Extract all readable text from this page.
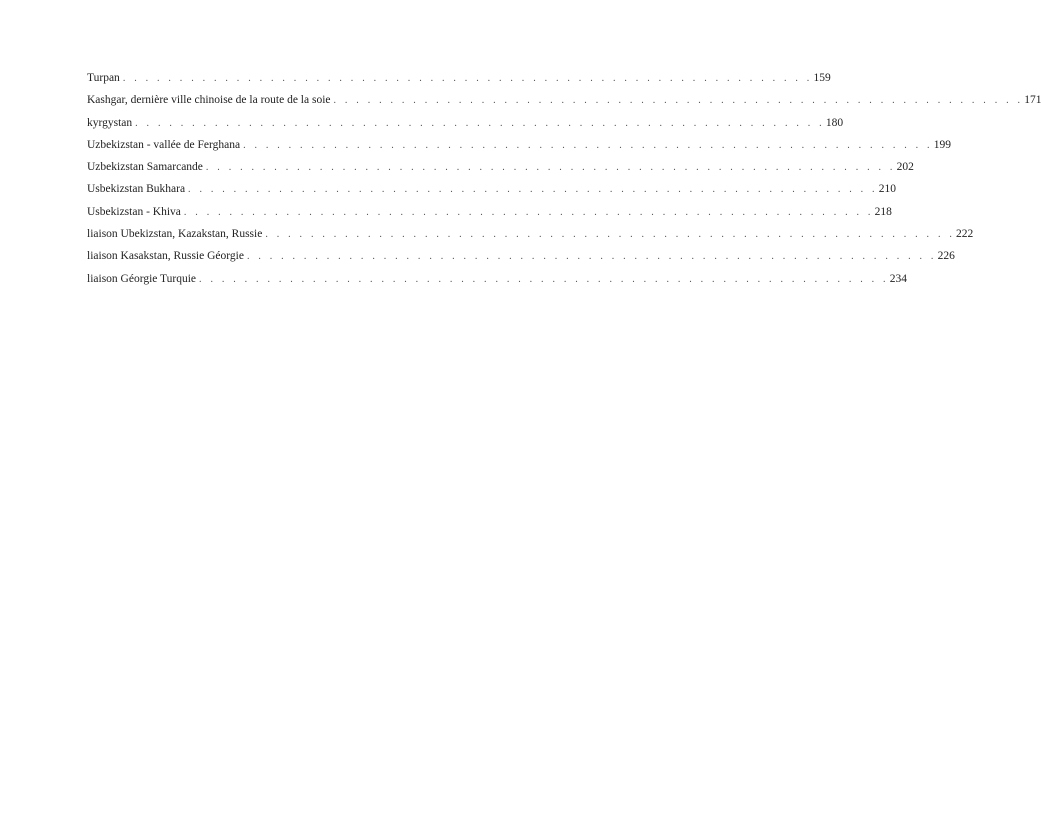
Turpan . . . . . . . . . . . . . . . . . . . . . . . . . . . . . . . . . . . . . . . . . . . . . . . . . . . . . . . . . . . . . 159
Kashgar, dernière ville chinoise de la route de la soie . . . . . . . . . . . . . . . . . . . . . . . . . . . . . . . . . . . . . . . . . . . . . . . . . . . . . . . . . . . . . 171
kyrgystan . . . . . . . . . . . . . . . . . . . . . . . . . . . . . . . . . . . . . . . . . . . . . . . . . . . . . . . . . . . . . 180
Uzbekizstan - vallée de Ferghana . . . . . . . . . . . . . . . . . . . . . . . . . . . . . . . . . . . . . . . . . . . . . . . . . . . . . . . . . . . . . 199
Uzbekizstan Samarcande . . . . . . . . . . . . . . . . . . . . . . . . . . . . . . . . . . . . . . . . . . . . . . . . . . . . . . . . . . . . . 202
Usbekizstan Bukhara . . . . . . . . . . . . . . . . . . . . . . . . . . . . . . . . . . . . . . . . . . . . . . . . . . . . . . . . . . . . . 210
Usbekizstan - Khiva . . . . . . . . . . . . . . . . . . . . . . . . . . . . . . . . . . . . . . . . . . . . . . . . . . . . . . . . . . . . . 218
liaison Ubekizstan, Kazakstan, Russie . . . . . . . . . . . . . . . . . . . . . . . . . . . . . . . . . . . . . . . . . . . . . . . . . . . . . . . . . . . . . 222
liaison Kasakstan, Russie Géorgie . . . . . . . . . . . . . . . . . . . . . . . . . . . . . . . . . . . . . . . . . . . . . . . . . . . . . . . . . . . . . 226
liaison Géorgie Turquie . . . . . . . . . . . . . . . . . . . . . . . . . . . . . . . . . . . . . . . . . . . . . . . . . . . . . . . . . . . . . 234
